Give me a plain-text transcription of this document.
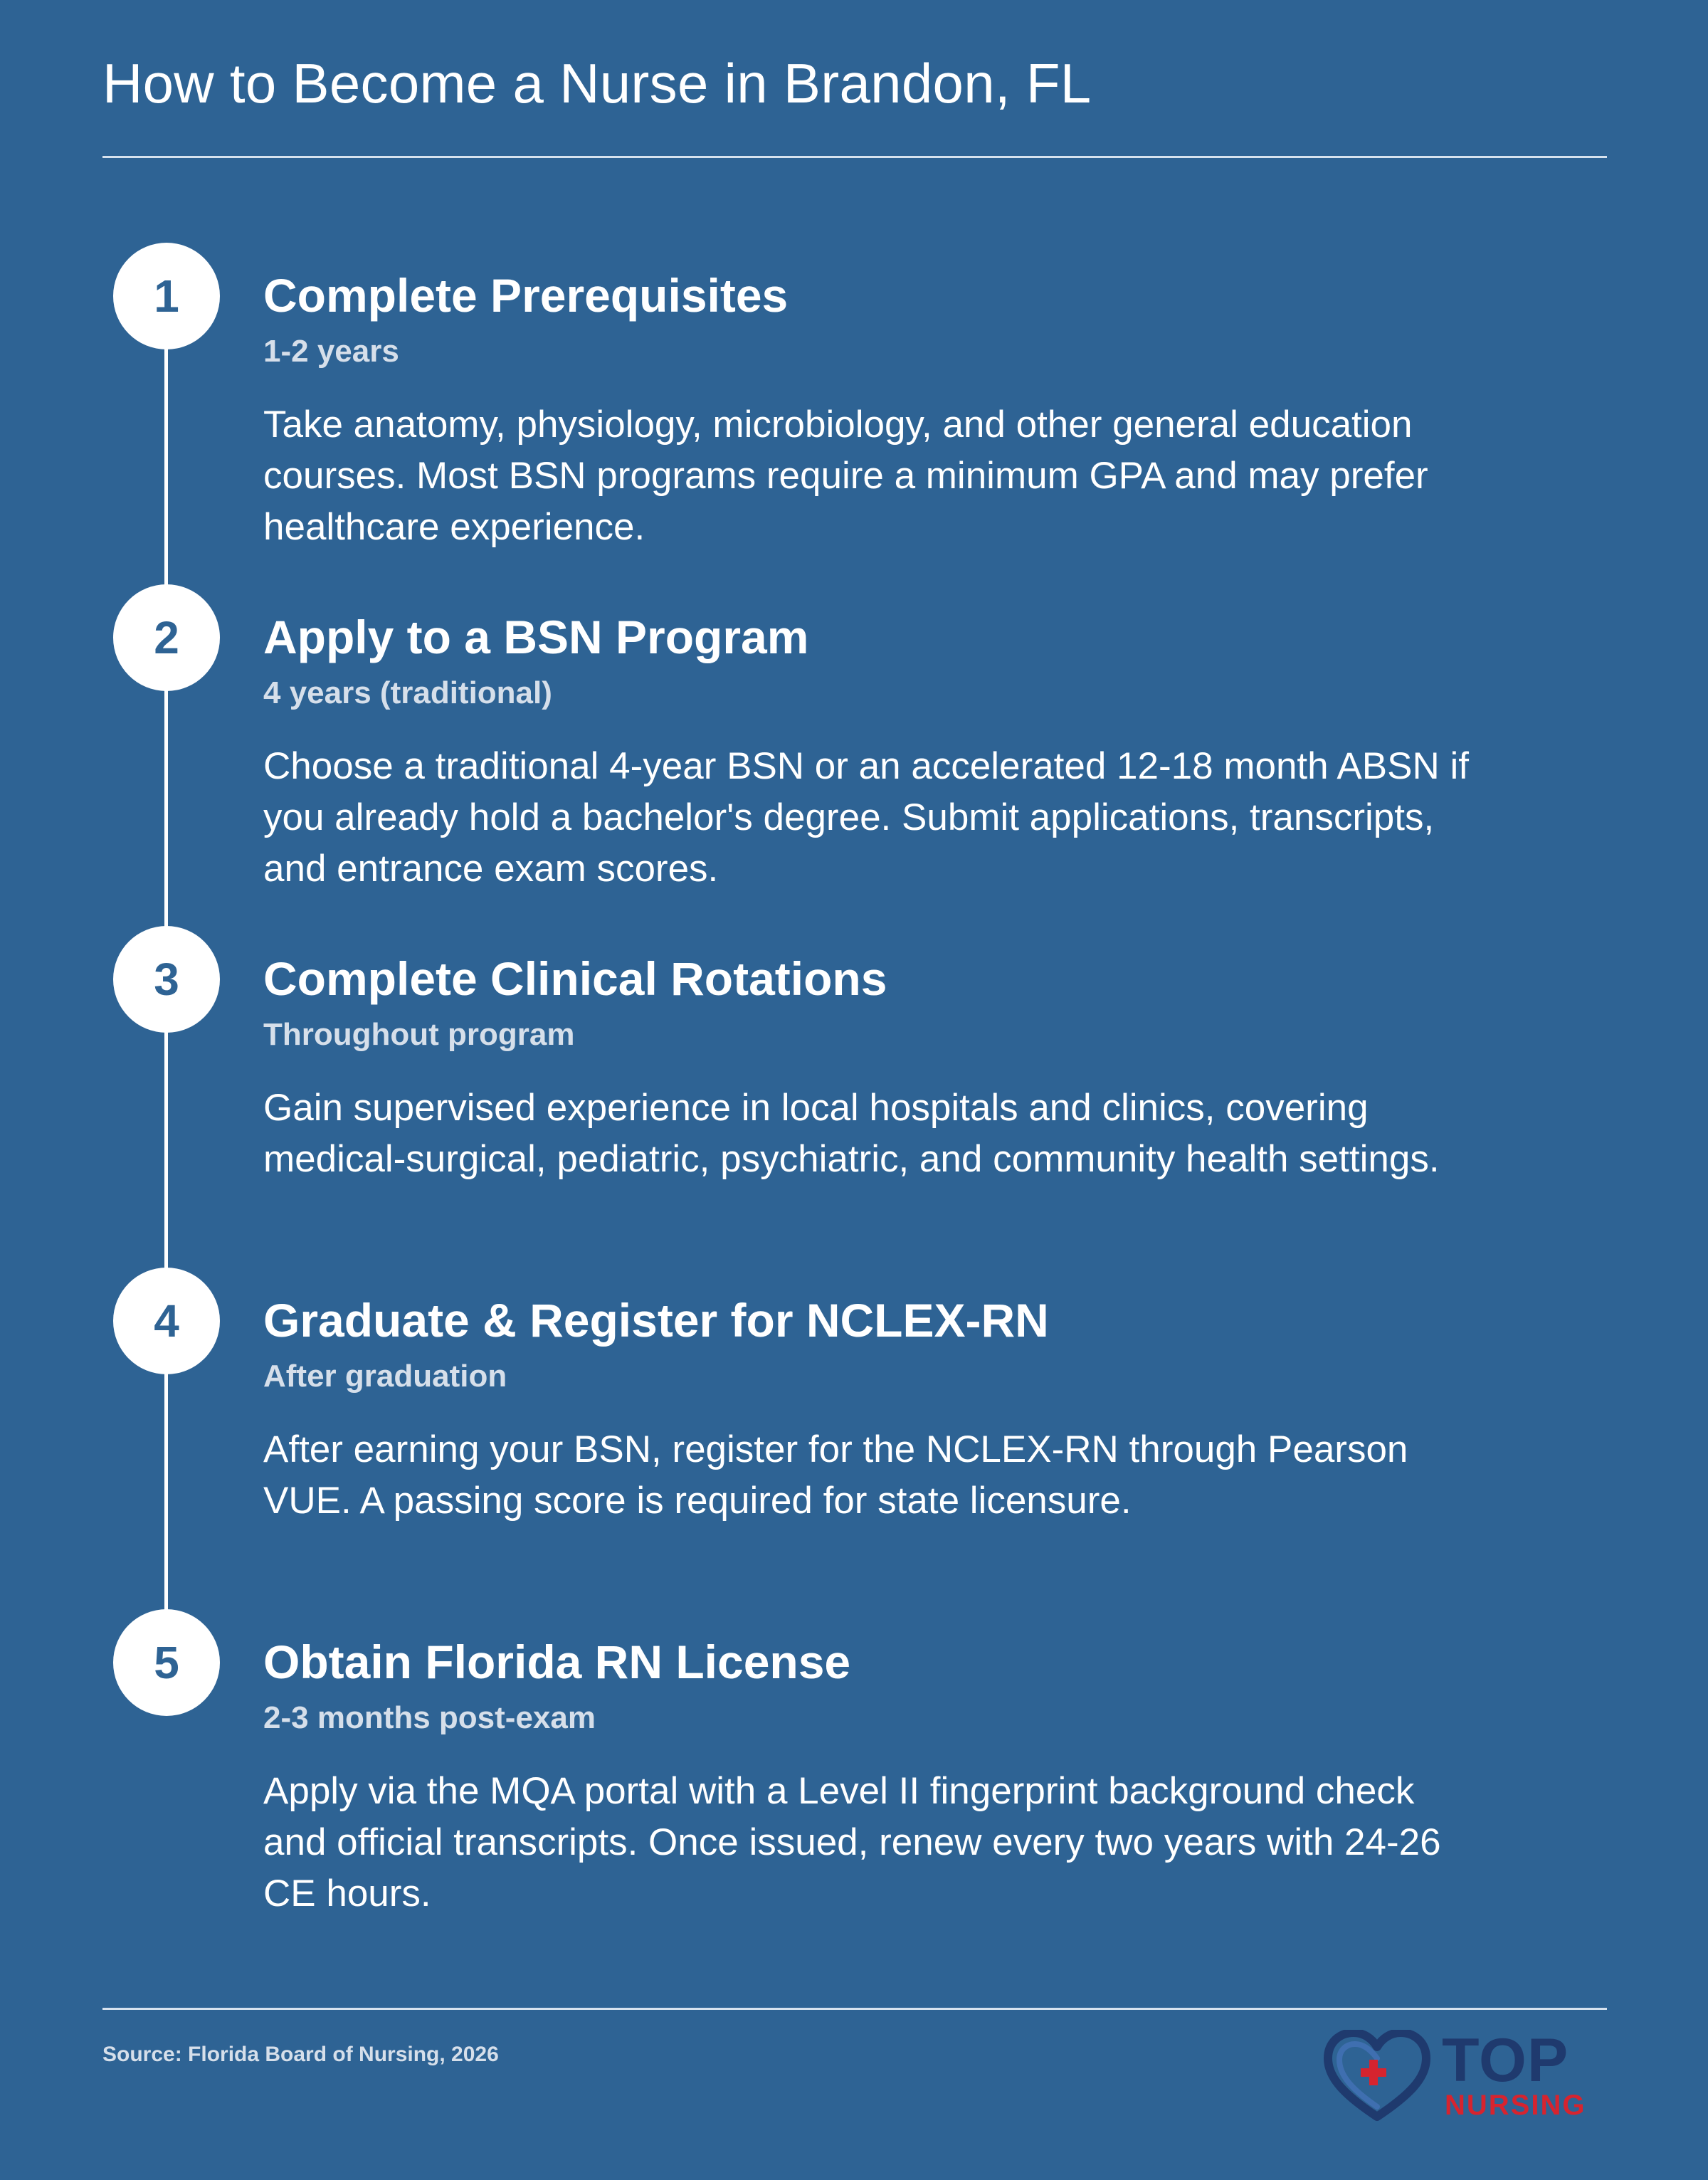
How to Become a Nurse in Brandon, FL
1	Complete Prerequisites
1-2 years
Take anatomy, physiology, microbiology, and other general education courses. Most BSN programs require a minimum GPA and may prefer healthcare experience.
2	Apply to a BSN Program
4 years (traditional)
Choose a traditional 4-year BSN or an accelerated 12-18 month ABSN if you already hold a bachelor's degree. Submit applications, transcripts, and entrance exam scores.
3	Complete Clinical Rotations
Throughout program
Gain supervised experience in local hospitals and clinics, covering medical-surgical, pediatric, psychiatric, and community health settings.
4	Graduate & Register for NCLEX-RN
After graduation
After earning your BSN, register for the NCLEX-RN through Pearson VUE. A passing score is required for state licensure.
5	Obtain Florida RN License
2-3 months post-exam
Apply via the MQA portal with a Level II fingerprint background check and official transcripts. Once issued, renew every two years with 24-26 CE hours.
Source: Florida Board of Nursing, 2026	TOP
NURSING
